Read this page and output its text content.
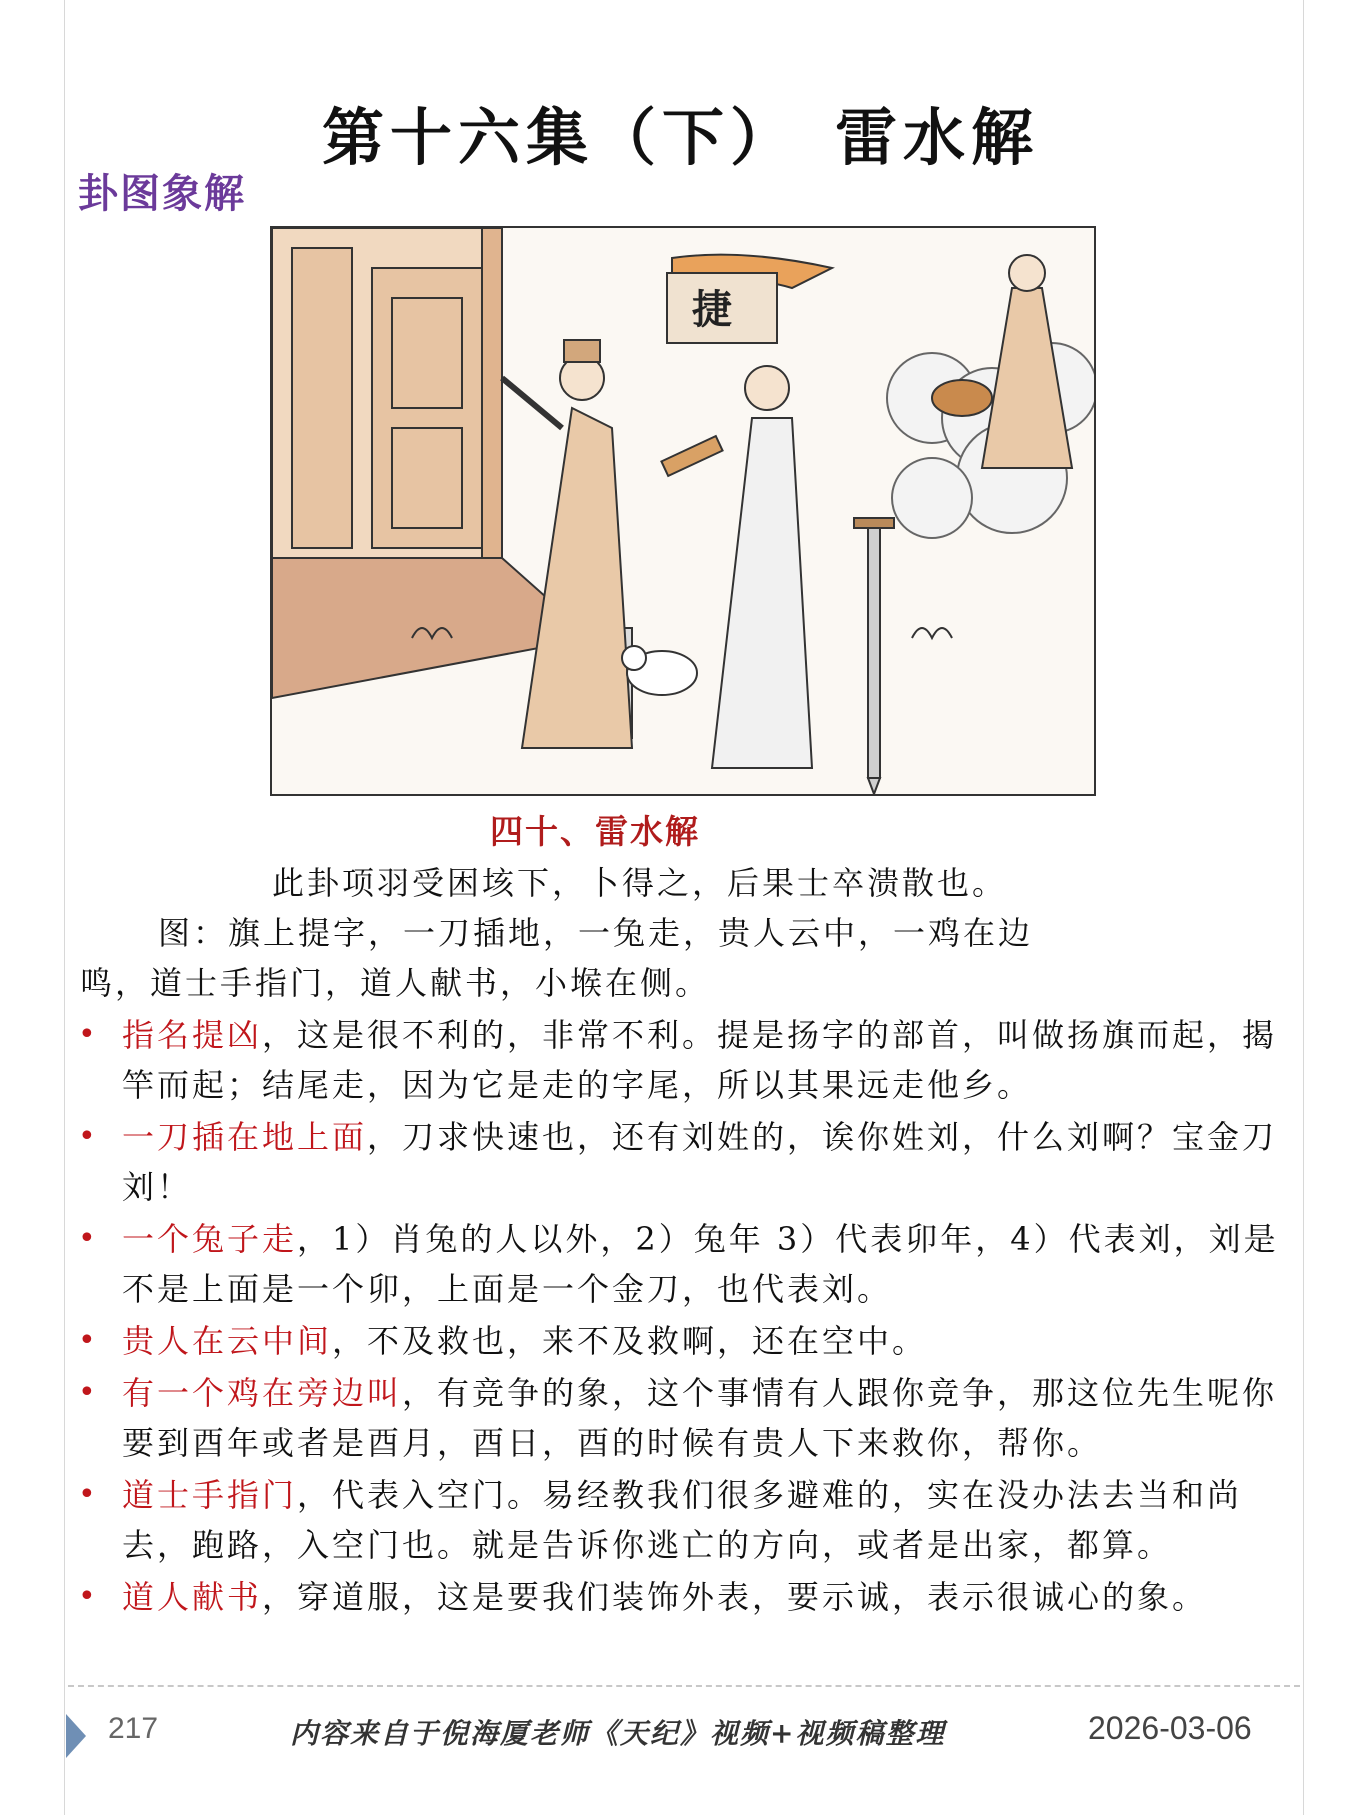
第十六集（下）　雷水解
卦图象解
捷
四十、雷水解

此卦项羽受困垓下，卜得之，后果士卒溃散也。

图：旗上提字，一刀插地，一兔走，贵人云中，一鸡在边鸣，道士手指门，道人献书，小堠在侧。

• 指名提凶，这是很不利的，非常不利。提是扬字的部首，叫做扬旗而起，揭竿而起；结尾走，因为它是走的字尾，所以其果远走他乡。
• 一刀插在地上面，刀求快速也，还有刘姓的，诶你姓刘，什么刘啊？宝金刀刘！
• 一个兔子走，1）肖兔的人以外，2）兔年 3）代表卯年，4）代表刘，刘是不是上面是一个卯，上面是一个金刀，也代表刘。
• 贵人在云中间，不及救也，来不及救啊，还在空中。
• 有一个鸡在旁边叫，有竞争的象，这个事情有人跟你竞争，那这位先生呢你要到酉年或者是酉月，酉日，酉的时候有贵人下来救你，帮你。
• 道士手指门，代表入空门。易经教我们很多避难的，实在没办法去当和尚去，跑路，入空门也。就是告诉你逃亡的方向，或者是出家，都算。
• 道人献书，穿道服，这是要我们装饰外表，要示诚，表示很诚心的象。
217	内容来自于倪海厦老师《天纪》视频+视频稿整理	2026-03-06
